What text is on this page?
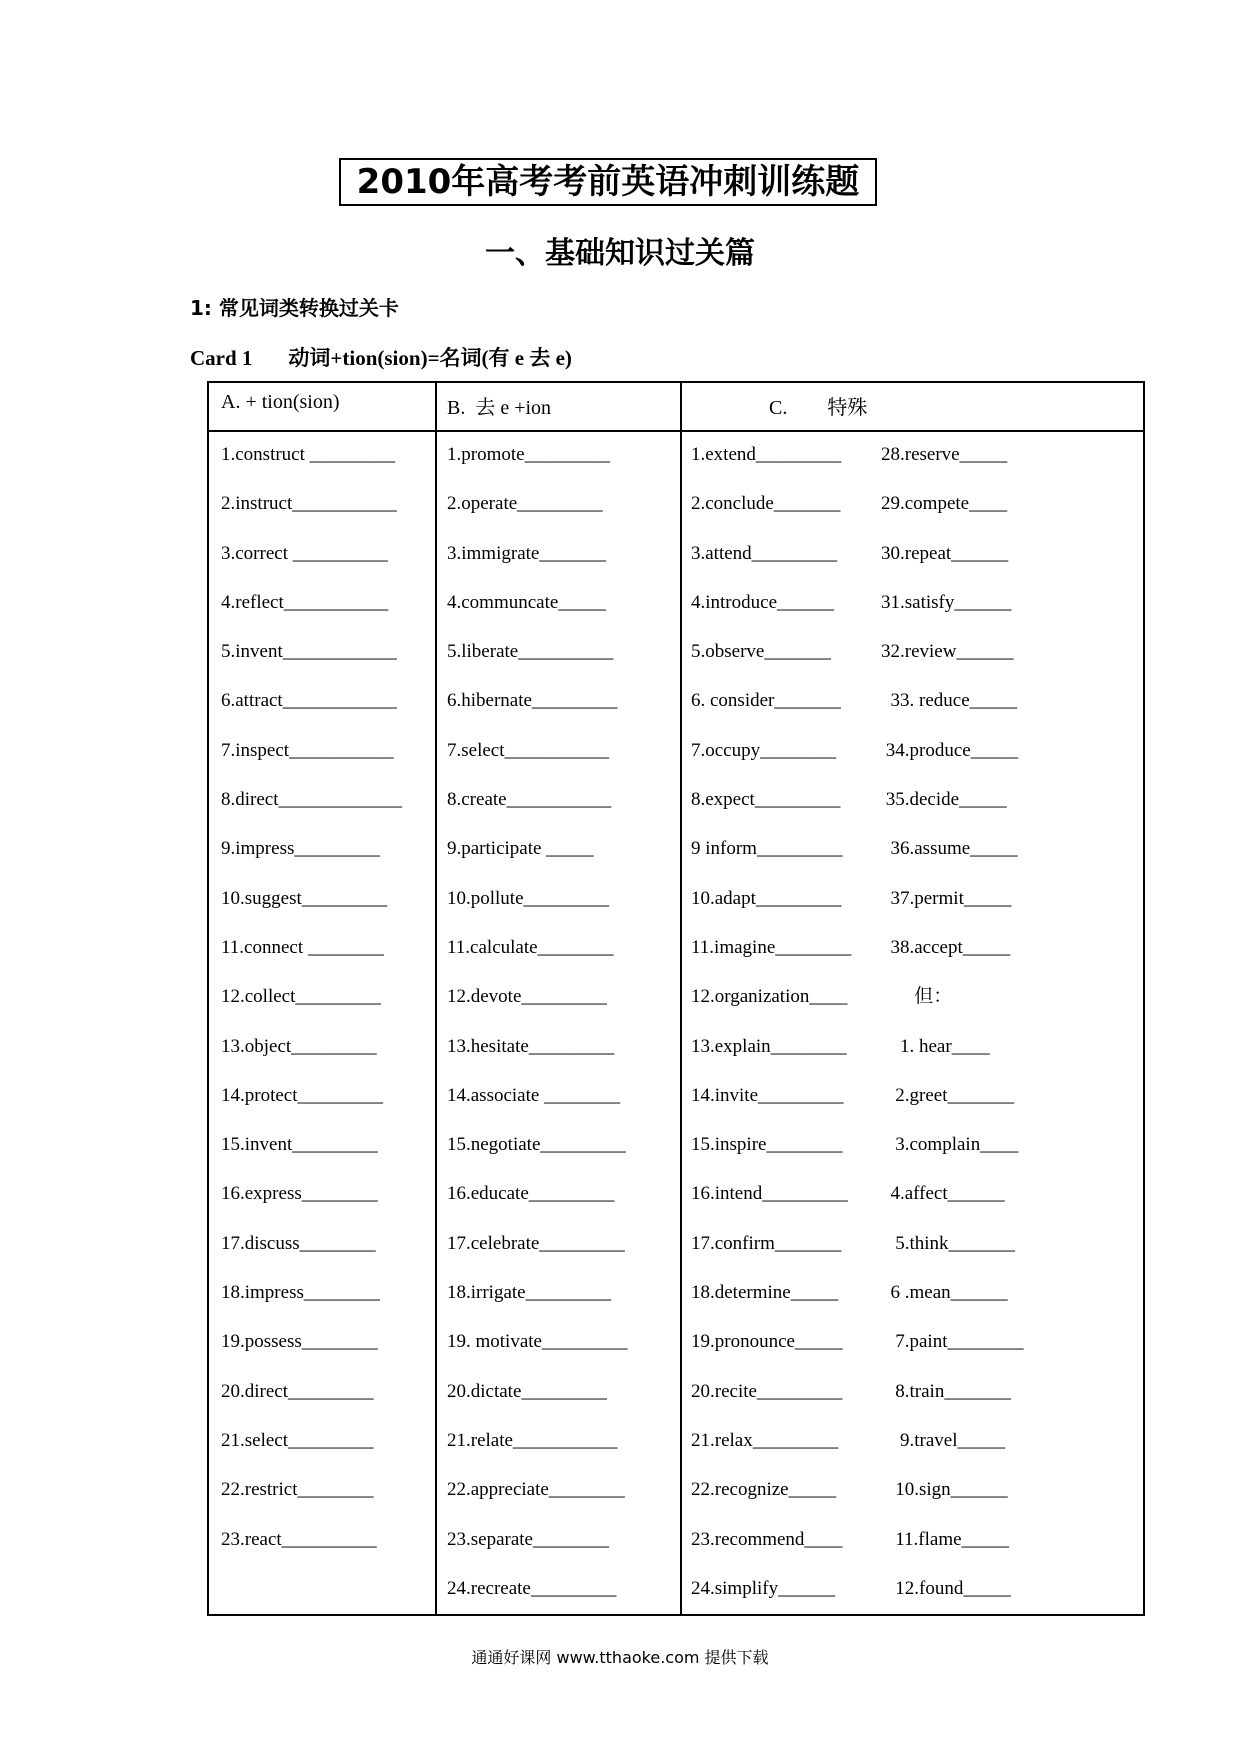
2010年高考考前英语冲刺训练题
一、基础知识过关篇
1: 常见词类转换过关卡
Card 1 动词+tion(sion)=名词(有 e 去 e)
A. + tion(sion)	B.  去 e +ion	C.        特殊
1.construct _________
2.instruct___________
3.correct __________
4.reflect___________
5.invent____________
6.attract____________
7.inspect___________
8.direct_____________
9.impress_________
10.suggest_________
11.connect ________
12.collect_________
13.object_________
14.protect_________
15.invent_________
16.express________
17.discuss________
18.impress________
19.possess________
20.direct_________
21.select_________
22.restrict________
23.react__________
1.promote_________
2.operate_________
3.immigrate_______
4.communcate_____
5.liberate__________
6.hibernate_________
7.select___________
8.create___________
9.participate _____
10.pollute_________
11.calculate________
12.devote_________
13.hesitate_________
14.associate ________
15.negotiate_________
16.educate_________
17.celebrate_________
18.irrigate_________
19. motivate_________
20.dictate_________
21.relate___________
22.appreciate________
23.separate________
24.recreate_________
1.extend_________
2.conclude_______
3.attend_________
4.introduce______
5.observe_______
6. consider_______
7.occupy________
8.expect_________
9 inform_________
10.adapt_________
11.imagine________
12.organization____
13.explain________
14.invite_________
15.inspire________
16.intend_________
17.confirm_______
18.determine_____
19.pronounce_____
20.recite_________
21.relax_________
22.recognize_____
23.recommend____
24.simplify______
28.reserve_____
29.compete____
30.repeat______
31.satisfy______
32.review______
33. reduce_____
34.produce_____
35.decide_____
36.assume_____
37.permit_____
38.accept_____
但：
1. hear____
2.greet_______
3.complain____
4.affect______
5.think_______
6 .mean______
7.paint________
8.train_______
9.travel_____
10.sign______
11.flame_____
12.found_____
通通好课网 www.tthaoke.com 提供下载
